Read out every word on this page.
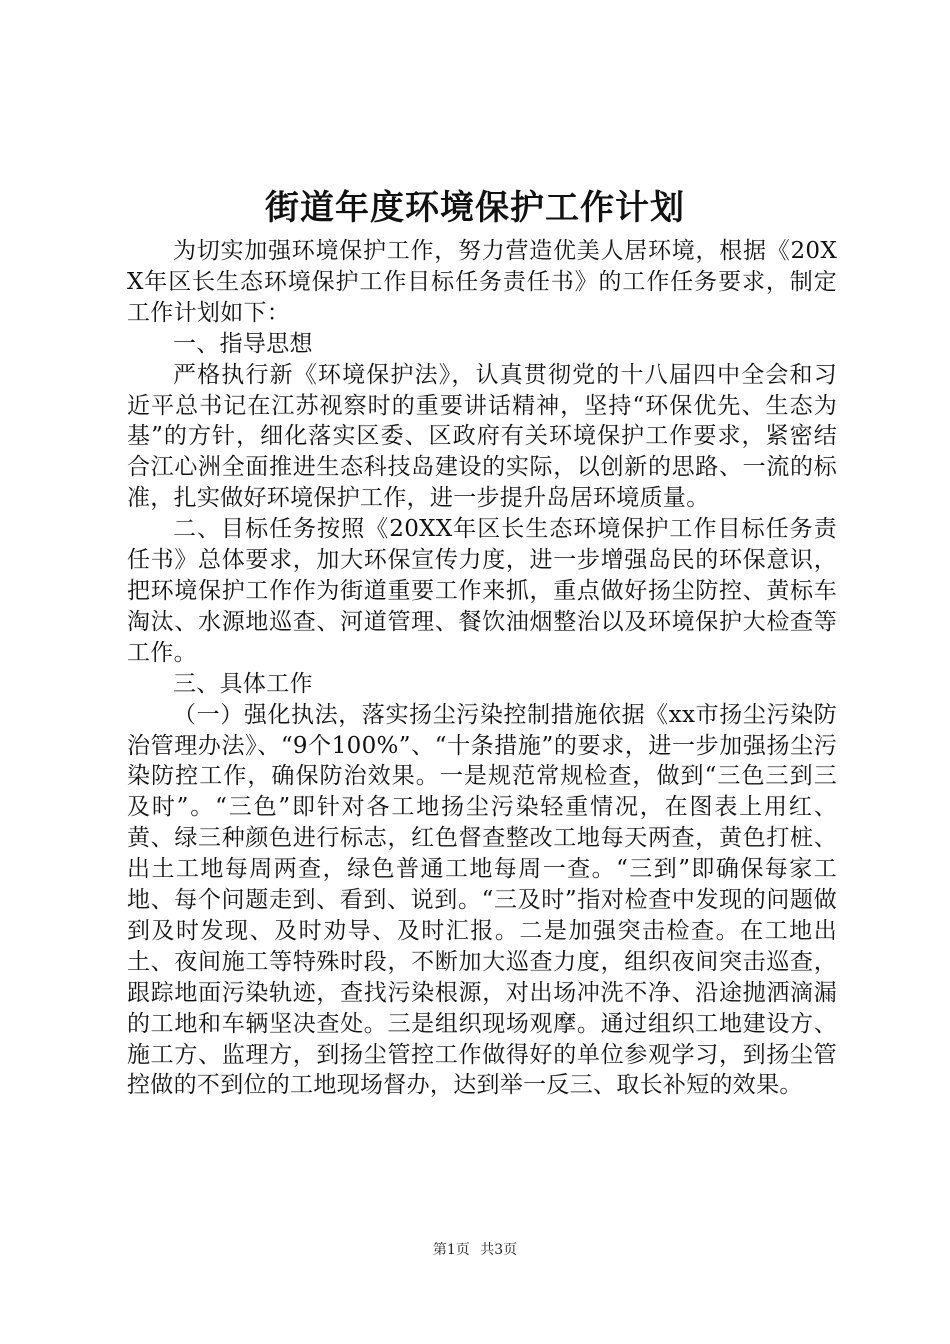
街道年度环境保护工作计划

为切实加强环境保护工作，努力营造优美人居环境，根据《20XX年区长生态环境保护工作目标任务责任书》的工作任务要求，制定工作计划如下：

一、指导思想

严格执行新《环境保护法》，认真贯彻党的十八届四中全会和习近平总书记在江苏视察时的重要讲话精神，坚持“环保优先、生态为基”的方针，细化落实区委、区政府有关环境保护工作要求，紧密结合江心洲全面推进生态科技岛建设的实际，以创新的思路、一流的标准，扎实做好环境保护工作，进一步提升岛居环境质量。

二、目标任务按照《20XX年区长生态环境保护工作目标任务责任书》总体要求，加大环保宣传力度，进一步增强岛民的环保意识，把环境保护工作作为街道重要工作来抓，重点做好扬尘防控、黄标车淘汰、水源地巡查、河道管理、餐饮油烟整治以及环境保护大检查等工作。

三、具体工作

（一）强化执法，落实扬尘污染控制措施依据《xx市扬尘污染防治管理办法》、“9个100%”、“十条措施”的要求，进一步加强扬尘污染防控工作，确保防治效果。一是规范常规检查，做到“三色三到三及时”。“三色”即针对各工地扬尘污染轻重情况，在图表上用红、黄、绿三种颜色进行标志，红色督查整改工地每天两查，黄色打桩、出土工地每周两查，绿色普通工地每周一查。“三到”即确保每家工地、每个问题走到、看到、说到。“三及时”指对检查中发现的问题做到及时发现、及时劝导、及时汇报。二是加强突击检查。在工地出土、夜间施工等特殊时段，不断加大巡查力度，组织夜间突击巡查，跟踪地面污染轨迹，查找污染根源，对出场冲洗不净、沿途抛洒滴漏的工地和车辆坚决查处。三是组织现场观摩。通过组织工地建设方、施工方、监理方，到扬尘管控工作做得好的单位参观学习，到扬尘管控做的不到位的工地现场督办，达到举一反三、取长补短的效果。

第1页 共3页
